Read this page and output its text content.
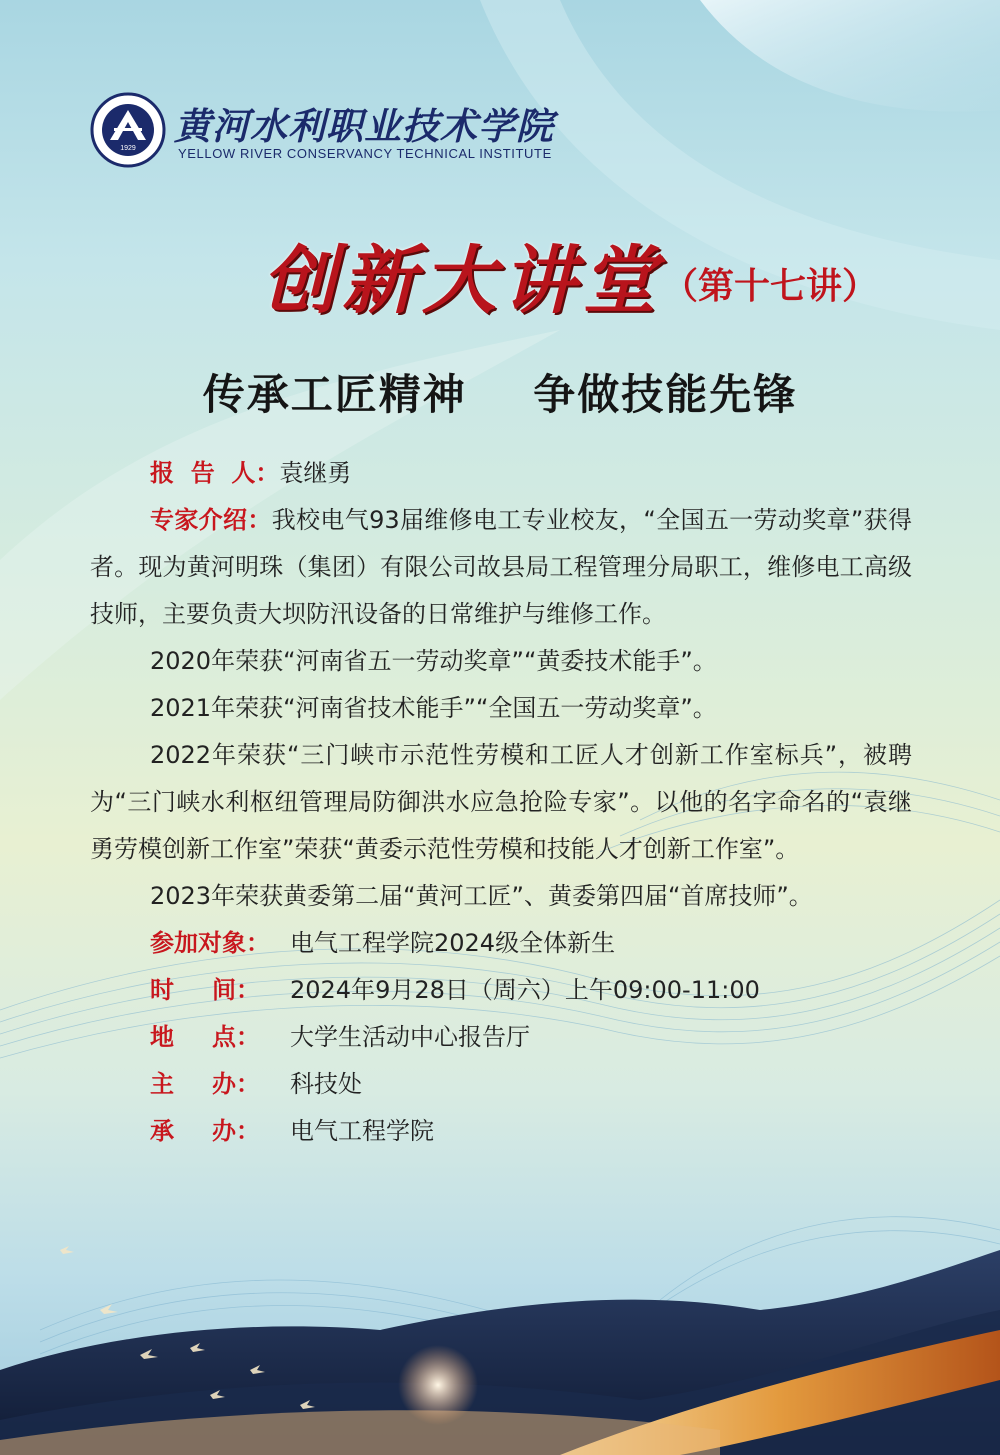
1929
黄河水利职业技术学院
YELLOW RIVER CONSERVANCY TECHNICAL INSTITUTE
创新大讲堂 （第十七讲）
传承工匠精神    争做技能先锋

报  告  人：袁继勇

专家介绍：我校电气93届维修电工专业校友，“全国五一劳动奖章”获得者。现为黄河明珠（集团）有限公司故县局工程管理分局职工，维修电工高级技师，主要负责大坝防汛设备的日常维护与维修工作。

2020年荣获“河南省五一劳动奖章”“黄委技术能手”。

2021年荣获“河南省技术能手”“全国五一劳动奖章”。

2022年荣获“三门峡市示范性劳模和工匠人才创新工作室标兵”，被聘为“三门峡水利枢纽管理局防御洪水应急抢险专家”。以他的名字命名的“袁继勇劳模创新工作室”荣获“黄委示范性劳模和技能人才创新工作室”。

2023年荣获黄委第二届“黄河工匠”、黄委第四届“首席技师”。

参加对象： 电气工程学院2024级全体新生
时 间： 2024年9月28日（周六）上午09:00-11:00
地 点： 大学生活动中心报告厅
主 办： 科技处
承 办： 电气工程学院
